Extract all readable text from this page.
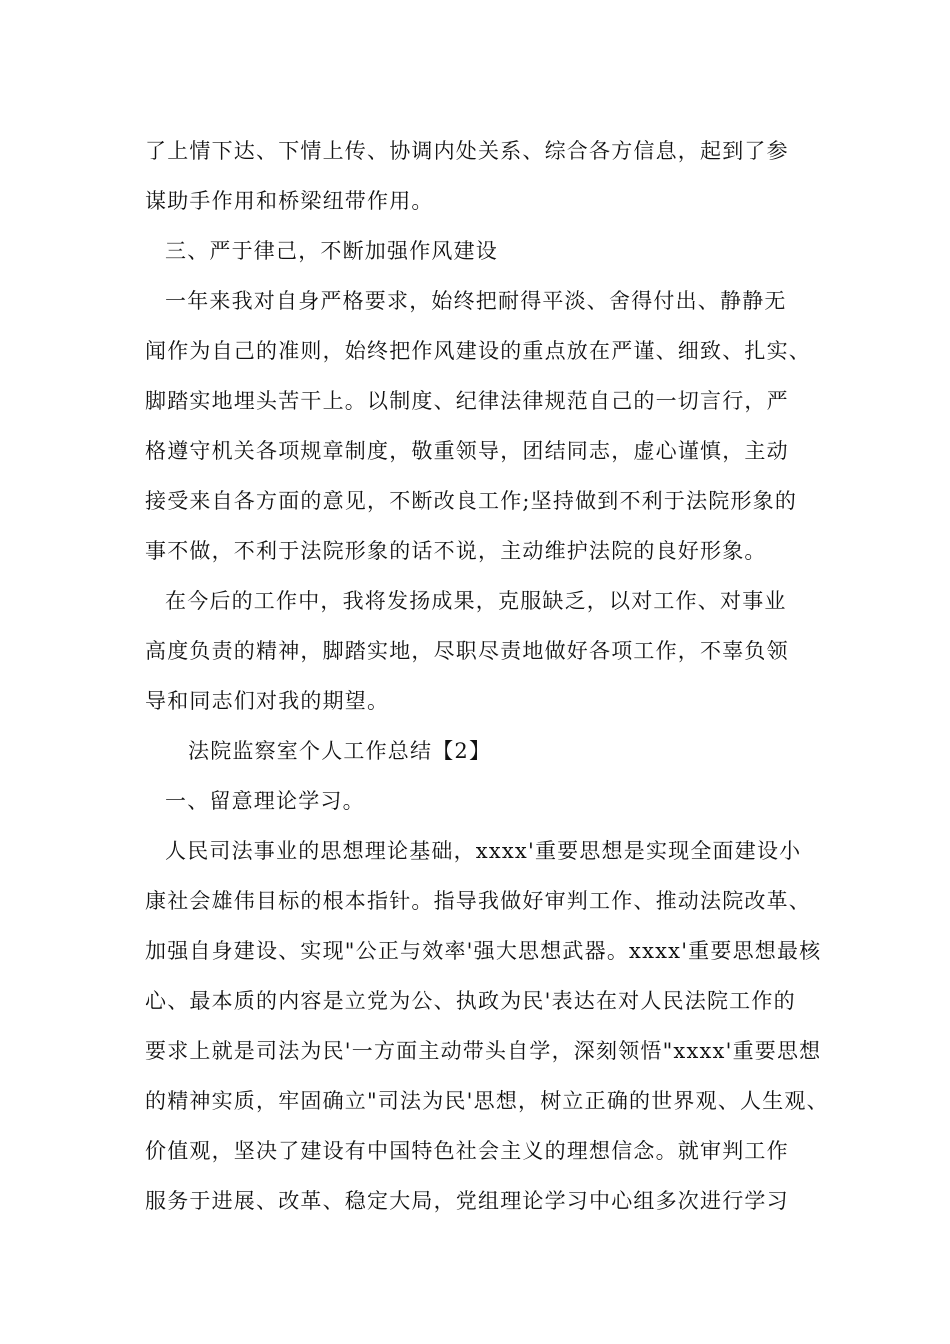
了上情下达、下情上传、协调内处关系、综合各方信息，起到了参
谋助手作用和桥梁纽带作用。
三、严于律己，不断加强作风建设
一年来我对自身严格要求，始终把耐得平淡、舍得付出、静静无
闻作为自己的准则，始终把作风建设的重点放在严谨、细致、扎实、
脚踏实地埋头苦干上。以制度、纪律法律规范自己的一切言行，严
格遵守机关各项规章制度，敬重领导，团结同志，虚心谨慎，主动
接受来自各方面的意见，不断改良工作;坚持做到不利于法院形象的
事不做，不利于法院形象的话不说，主动维护法院的良好形象。
在今后的工作中，我将发扬成果，克服缺乏，以对工作、对事业
高度负责的精神，脚踏实地，尽职尽责地做好各项工作，不辜负领
导和同志们对我的期望。
法院监察室个人工作总结【2】
一、留意理论学习。
人民司法事业的思想理论基础，xxxx'重要思想是实现全面建设小
康社会雄伟目标的根本指针。指导我做好审判工作、推动法院改革、
加强自身建设、实现"公正与效率'强大思想武器。xxxx'重要思想最核
心、最本质的内容是立党为公、执政为民'表达在对人民法院工作的
要求上就是司法为民'一方面主动带头自学，深刻领悟"xxxx'重要思想
的精神实质，牢固确立"司法为民'思想，树立正确的世界观、人生观、
价值观，坚决了建设有中国特色社会主义的理想信念。就审判工作
服务于进展、改革、稳定大局，党组理论学习中心组多次进行学习
